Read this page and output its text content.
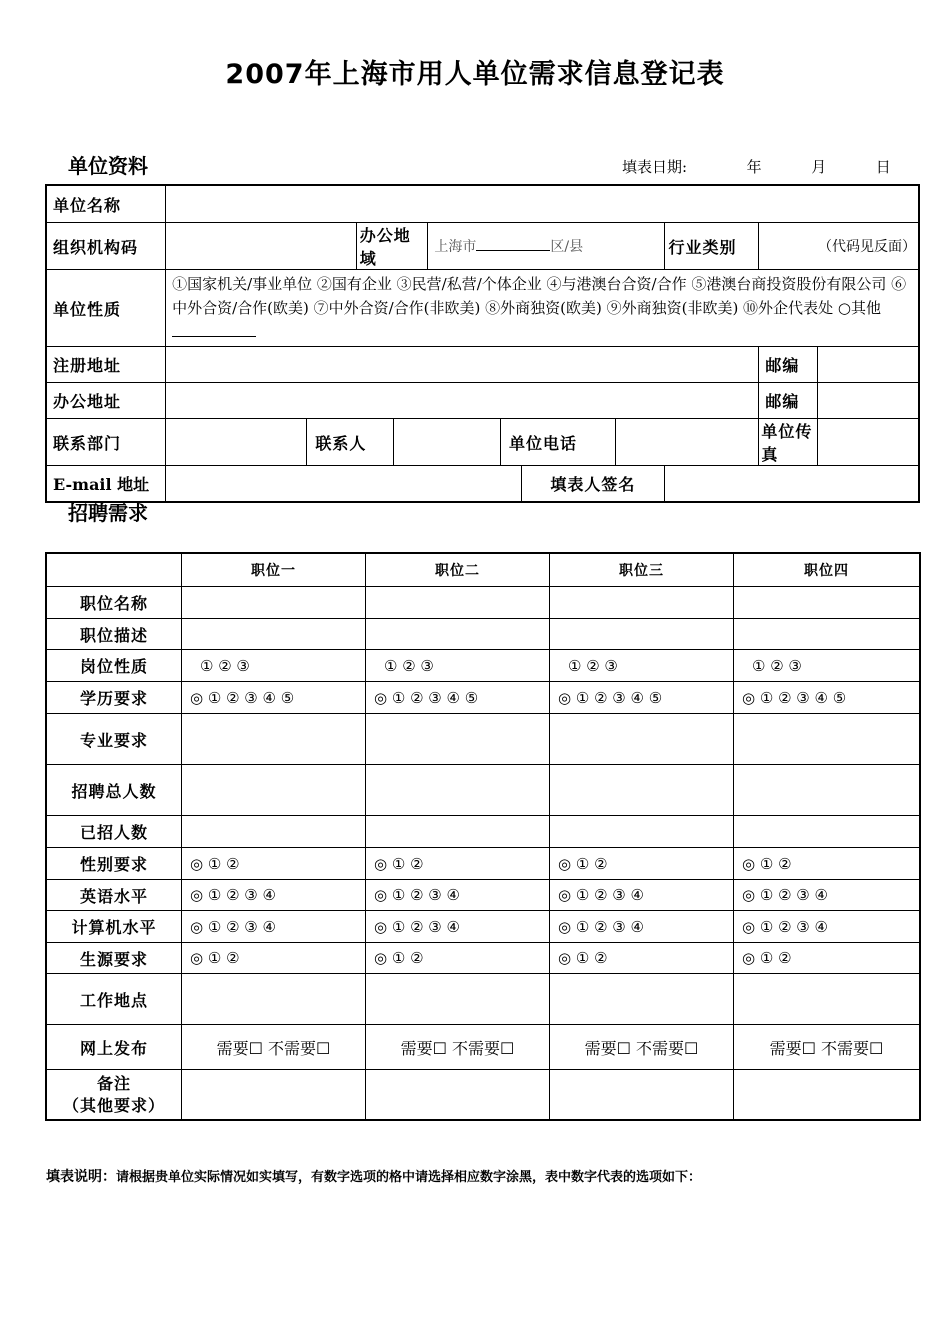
2007年上海市用人单位需求信息登记表
单位资料	填表日期:	年	月	日
单位名称											
组织机构码			办公地域		上海市 区/县				行业类别	（代码见反面）	
单位性质	①国家机关/事业单位 ②国有企业 ③民营/私营/个体企业 ④与港澳台合资/合作 ⑤港澳台商投资股份有限公司 ⑥中外合资/合作(欧美) ⑦中外合资/合作(非欧美) ⑧外商独资(欧美) ⑨外商独资(非欧美) ⑩外企代表处 ○其他										
注册地址										邮编	
办公地址										邮编	
联系部门		联系人				单位电话				单位传真	
E-mail 地址							填表人签名				
招聘需求
	职位一	职位二	职位三	职位四
职位名称				
职位描述				
岗位性质	① ② ③	① ② ③	① ② ③	① ② ③
学历要求	◎ ① ② ③ ④ ⑤	◎ ① ② ③ ④ ⑤	◎ ① ② ③ ④ ⑤	◎ ① ② ③ ④ ⑤
专业要求				
招聘总人数				
已招人数				
性别要求	◎ ① ②	◎ ① ②	◎ ① ②	◎ ① ②
英语水平	◎ ① ② ③ ④	◎ ① ② ③ ④	◎ ① ② ③ ④	◎ ① ② ③ ④
计算机水平	◎ ① ② ③ ④	◎ ① ② ③ ④	◎ ① ② ③ ④	◎ ① ② ③ ④
生源要求	◎ ① ②	◎ ① ②	◎ ① ②	◎ ① ②
工作地点				
网上发布	需要☐ 不需要☐	需要☐ 不需要☐	需要☐ 不需要☐	需要☐ 不需要☐

备注
（其他要求）				

填表说明：请根据贵单位实际情况如实填写，有数字选项的格中请选择相应数字涂黑，表中数字代表的选项如下：
